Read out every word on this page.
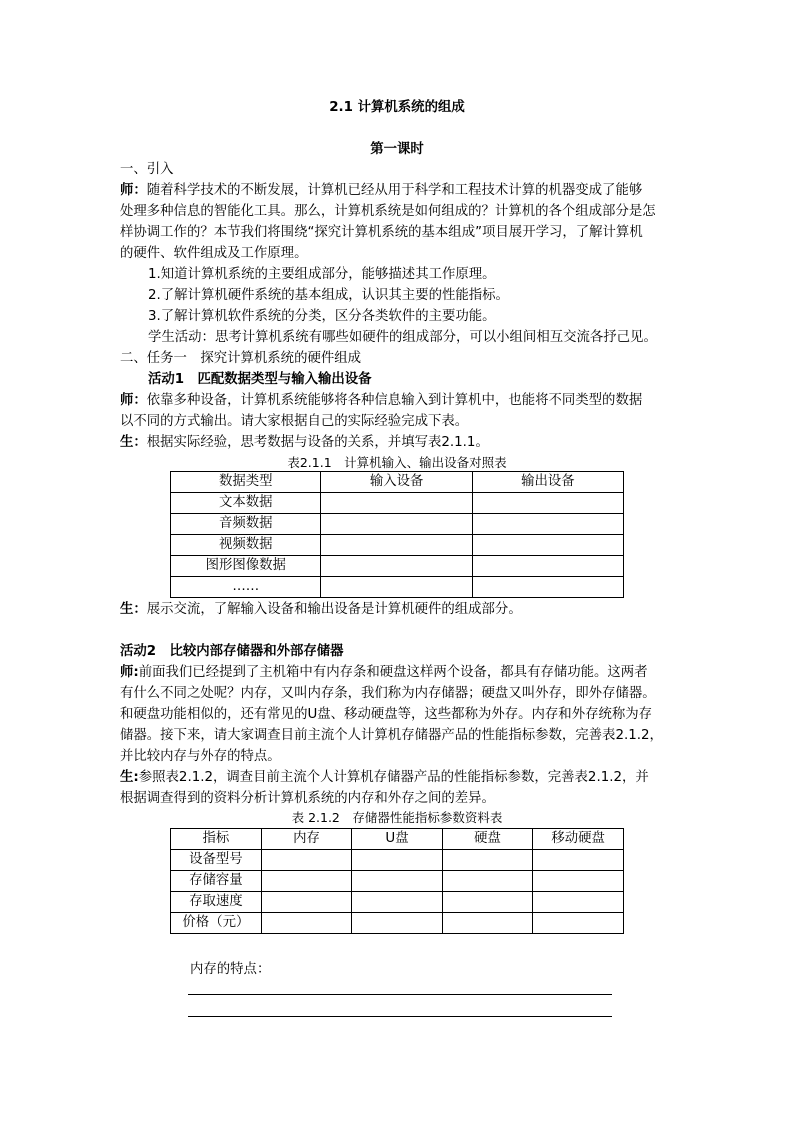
2.1 计算机系统的组成
第一课时
一、引入
师：随着科学技术的不断发展，计算机已经从用于科学和工程技术计算的机器变成了能够
处理多种信息的智能化工具。那么，计算机系统是如何组成的？计算机的各个组成部分是怎
样协调工作的？本节我们将围绕“探究计算机系统的基本组成”项目展开学习，了解计算机
的硬件、软件组成及工作原理。
1.知道计算机系统的主要组成部分，能够描述其工作原理。
2.了解计算机硬件系统的基本组成，认识其主要的性能指标。
3.了解计算机软件系统的分类，区分各类软件的主要功能。
学生活动：思考计算机系统有哪些如硬件的组成部分，可以小组间相互交流各抒己见。
二、任务一　探究计算机系统的硬件组成
活动1　匹配数据类型与输入输出设备
师：依靠多种设备，计算机系统能够将各种信息输入到计算机中，也能将不同类型的数据
以不同的方式输出。请大家根据自己的实际经验完成下表。
生：根据实际经验，思考数据与设备的关系，并填写表2.1.1。
表2.1.1　计算机输入、输出设备对照表
数据类型	输入设备	输出设备
文本数据		
音频数据		
视频数据		
图形图像数据		
……		
生：展示交流，了解输入设备和输出设备是计算机硬件的组成部分。
活动2　比较内部存储器和外部存储器
师:前面我们已经提到了主机箱中有内存条和硬盘这样两个设备，都具有存储功能。这两者
有什么不同之处呢？内存，又叫内存条，我们称为内存储器；硬盘又叫外存，即外存储器。
和硬盘功能相似的，还有常见的U盘、移动硬盘等，这些都称为外存。内存和外存统称为存
储器。接下来，请大家调查目前主流个人计算机存储器产品的性能指标参数，完善表2.1.2，
并比较内存与外存的特点。
生:参照表2.1.2，调查目前主流个人计算机存储器产品的性能指标参数，完善表2.1.2，并
根据调查得到的资料分析计算机系统的内存和外存之间的差异。
表 2.1.2　存储器性能指标参数资料表
指标	内存	U盘	硬盘	移动硬盘
设备型号				
存储容量				
存取速度				
价格（元）				
内存的特点：
